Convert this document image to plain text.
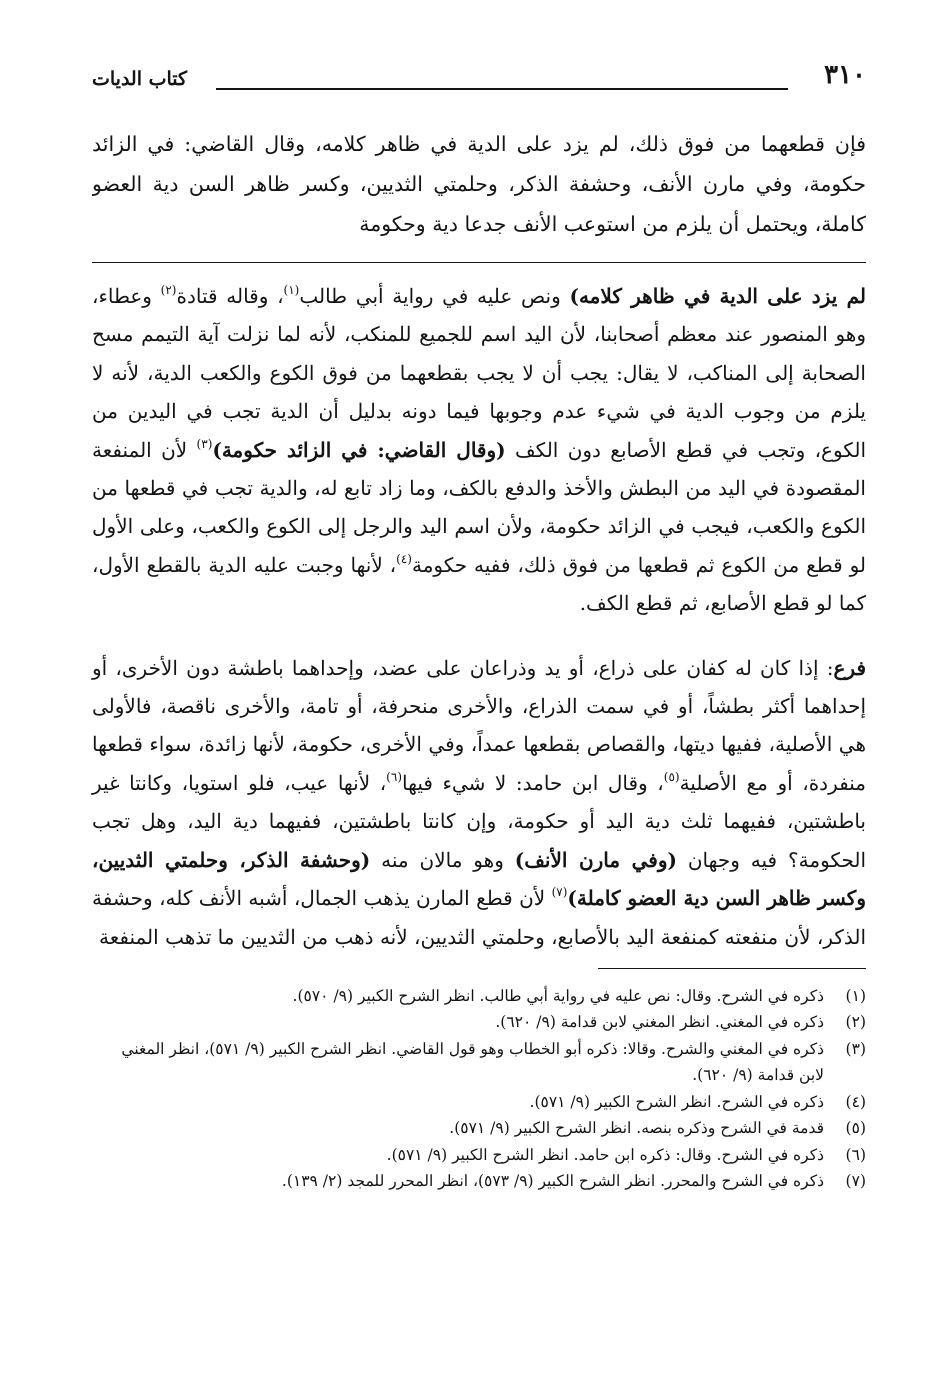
٣١٠
كتاب الديات
فإن قطعهما من فوق ذلك، لم يزد على الدية في ظاهر كلامه، وقال القاضي: في الزائد حكومة، وفي مارن الأنف، وحشفة الذكر، وحلمتي الثديين، وكسر ظاهر السن دية العضو كاملة، ويحتمل أن يلزم من استوعب الأنف جدعا دية وحكومة

لم يزد على الدية في ظاهر كلامه) ونص عليه في رواية أبي طالب$^{(١)}$، وقاله قتادة$^{(٢)}$ وعطاء، وهو المنصور عند معظم أصحابنا، لأن اليد اسم للجميع للمنكب، لأنه لما نزلت آية التيمم مسح الصحابة إلى المناكب، لا يقال: يجب أن لا يجب بقطعهما من فوق الكوع والكعب الدية، لأنه لا يلزم من وجوب الدية في شيء عدم وجوبها فيما دونه بدليل أن الدية تجب في اليدين من الكوع، وتجب في قطع الأصابع دون الكف (وقال القاضي: في الزائد حكومة)$^{(٣)}$ لأن المنفعة المقصودة في اليد من البطش والأخذ والدفع بالكف، وما زاد تابع له، والدية تجب في قطعها من الكوع والكعب، فيجب في الزائد حكومة، ولأن اسم اليد والرجل إلى الكوع والكعب، وعلى الأول لو قطع من الكوع ثم قطعها من فوق ذلك، ففيه حكومة$^{(٤)}$، لأنها وجبت عليه الدية بالقطع الأول، كما لو قطع الأصابع، ثم قطع الكف.

فرع: إذا كان له كفان على ذراع، أو يد وذراعان على عضد، وإحداهما باطشة دون الأخرى، أو إحداهما أكثر بطشاً، أو في سمت الذراع، والأخرى منحرفة، أو تامة، والأخرى ناقصة، فالأولى هي الأصلية، ففيها ديتها، والقصاص بقطعها عمداً، وفي الأخرى، حكومة، لأنها زائدة، سواء قطعها منفردة، أو مع الأصلية$^{(٥)}$، وقال ابن حامد: لا شيء فيها$^{(٦)}$، لأنها عيب، فلو استويا، وكانتا غير باطشتين، ففيهما ثلث دية اليد أو حكومة، وإن كانتا باطشتين، ففيهما دية اليد، وهل تجب الحكومة؟ فيه وجهان (وفي مارن الأنف) وهو مالان منه (وحشفة الذكر، وحلمتي الثديين، وكسر ظاهر السن دية العضو كاملة)$^{(٧)}$ لأن قطع المارن يذهب الجمال، أشبه الأنف كله، وحشفة الذكر، لأن منفعته كمنفعة اليد بالأصابع، وحلمتي الثديين، لأنه ذهب من الثديين ما تذهب المنفعة

(١)
ذكره في الشرح. وقال: نص عليه في رواية أبي طالب. انظر الشرح الكبير (٩/ ٥٧٠).
(٢)
ذكره في المغني. انظر المغني لابن قدامة (٩/ ٦٢٠).
(٣)
ذكره في المغني والشرح. وقالا: ذكره أبو الخطاب وهو قول القاضي. انظر الشرح الكبير (٩/ ٥٧١)، انظر المغني لابن قدامة (٩/ ٦٢٠).
(٤)
ذكره في الشرح. انظر الشرح الكبير (٩/ ٥٧١).
(٥)
قدمة في الشرح وذكره بنصه. انظر الشرح الكبير (٩/ ٥٧١).
(٦)
ذكره في الشرح. وقال: ذكره ابن حامد. انظر الشرح الكبير (٩/ ٥٧١).
(٧)
ذكره في الشرح والمحرر. انظر الشرح الكبير (٩/ ٥٧٣)، انظر المحرر للمجد (٢/ ١٣٩).
